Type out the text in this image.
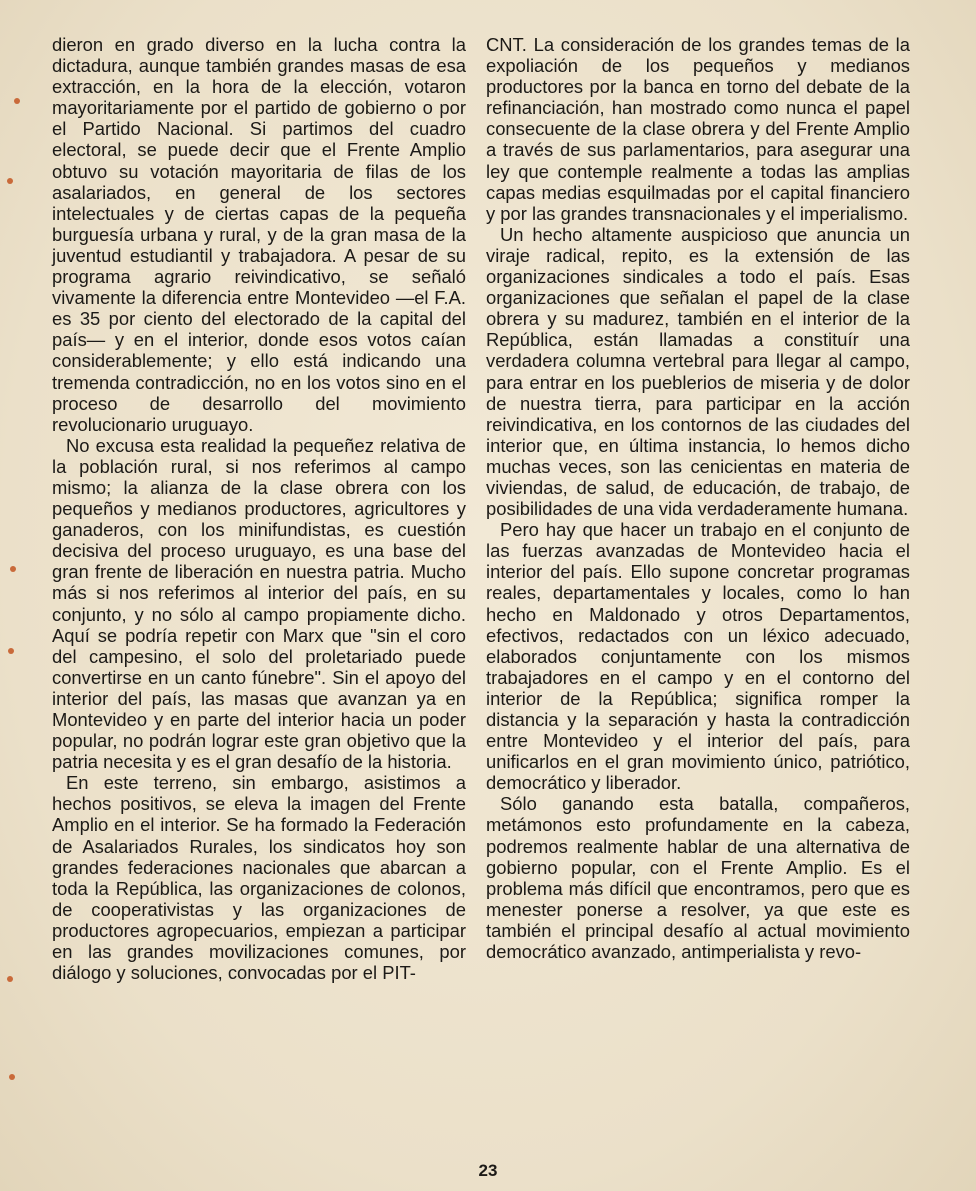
dieron en grado diverso en la lucha contra la dictadura, aunque también grandes masas de esa extracción, en la hora de la elección, votaron mayoritariamente por el partido de gobierno o por el Partido Nacional. Si partimos del cuadro electoral, se puede decir que el Frente Amplio obtuvo su votación mayoritaria de filas de los asalariados, en general de los sectores intelectuales y de ciertas capas de la pequeña burguesía urbana y rural, y de la gran masa de la juventud estudiantil y trabajadora. A pesar de su programa agrario reivindicativo, se señaló vivamente la diferencia entre Montevideo —el F.A. es 35 por ciento del electorado de la capital del país— y en el interior, donde esos votos caían considerablemente; y ello está indicando una tremenda contradicción, no en los votos sino en el proceso de desarrollo del movimiento revolucionario uruguayo.

No excusa esta realidad la pequeñez relativa de la población rural, si nos referimos al campo mismo; la alianza de la clase obrera con los pequeños y medianos productores, agricultores y ganaderos, con los minifundistas, es cuestión decisiva del proceso uruguayo, es una base del gran frente de liberación en nuestra patria. Mucho más si nos referimos al interior del país, en su conjunto, y no sólo al campo propiamente dicho. Aquí se podría repetir con Marx que "sin el coro del campesino, el solo del proletariado puede convertirse en un canto fúnebre". Sin el apoyo del interior del país, las masas que avanzan ya en Montevideo y en parte del interior hacia un poder popular, no podrán lograr este gran objetivo que la patria necesita y es el gran desafío de la historia.

En este terreno, sin embargo, asistimos a hechos positivos, se eleva la imagen del Frente Amplio en el interior. Se ha formado la Federación de Asalariados Rurales, los sindicatos hoy son grandes federaciones nacionales que abarcan a toda la República, las organizaciones de colonos, de cooperativistas y las organizaciones de productores agropecuarios, empiezan a participar en las grandes movilizaciones comunes, por diálogo y soluciones, convocadas por el PIT-

CNT. La consideración de los grandes temas de la expoliación de los pequeños y medianos productores por la banca en torno del debate de la refinanciación, han mostrado como nunca el papel consecuente de la clase obrera y del Frente Amplio a través de sus parlamentarios, para asegurar una ley que contemple realmente a todas las amplias capas medias esquilmadas por el capital financiero y por las grandes transnacionales y el imperialismo.

Un hecho altamente auspicioso que anuncia un viraje radical, repito, es la extensión de las organizaciones sindicales a todo el país. Esas organizaciones que señalan el papel de la clase obrera y su madurez, también en el interior de la República, están llamadas a constituír una verdadera columna vertebral para llegar al campo, para entrar en los pueblerios de miseria y de dolor de nuestra tierra, para participar en la acción reivindicativa, en los contornos de las ciudades del interior que, en última instancia, lo hemos dicho muchas veces, son las cenicientas en materia de viviendas, de salud, de educación, de trabajo, de posibilidades de una vida verdaderamente humana.

Pero hay que hacer un trabajo en el conjunto de las fuerzas avanzadas de Montevideo hacia el interior del país. Ello supone concretar programas reales, departamentales y locales, como lo han hecho en Maldonado y otros Departamentos, efectivos, redactados con un léxico adecuado, elaborados conjuntamente con los mismos trabajadores en el campo y en el contorno del interior de la República; significa romper la distancia y la separación y hasta la contradicción entre Montevideo y el interior del país, para unificarlos en el gran movimiento único, patriótico, democrático y liberador.

Sólo ganando esta batalla, compañeros, metámonos esto profundamente en la cabeza, podremos realmente hablar de una alternativa de gobierno popular, con el Frente Amplio. Es el problema más difícil que encontramos, pero que es menester ponerse a resolver, ya que este es también el principal desafío al actual movimiento democrático avanzado, antimperialista y revo-

23
